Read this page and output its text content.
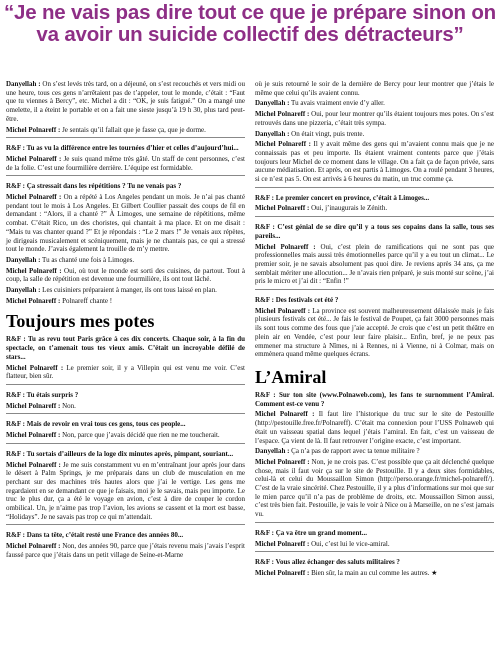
“Je ne vais pas dire tout ce que je prépare sinon on va avoir un suicide collectif des détracteurs”

Danyellah : On s’est levés très tard, on a déjeuné, on s’est recouchés et vers midi ou une heure, tous ces gens n’arrêtaient pas de t’appeler, tout le monde, c’était : “Faut que tu viennes à Bercy”, etc. Michel a dit : “OK, je suis fatigué.” On a mangé une omelette, il a éteint le portable et on a fait une sieste jusqu’à 19 h 30, plus tard peut-être.

Michel Polnareff : Je sentais qu’il fallait que je fasse ça, que je dorme.

R&F : Tu as vu la différence entre les tournées d’hier et celles d’aujourd’hui...

Michel Polnareff : Je suis quand même très gâté. Un staff de cent personnes, c’est de la folie. C’est une fourmilière derrière. L’équipe est formidable.

R&F : Ça stressait dans les répétitions ? Tu ne venais pas ?

Michel Polnareff : On a répété à Los Angeles pendant un mois. Je n’ai pas chanté pendant tout le mois à Los Angeles. Et Gilbert Coullier passait des coups de fil en demandant : “Alors, il a chanté ?” À Limoges, une semaine de répétitions, même combat. C’était Rico, un des choristes, qui chantait à ma place. Et on me disait : “Mais tu vas chanter quand ?” Et je répondais : “Le 2 mars !” Je venais aux répètes, je dirigeais musicalement et scéniquement, mais je ne chantais pas, ce qui a stressé tout le monde. J’avais également la trouille de m’y mettre.

Danyellah : Tu as chanté une fois à Limoges.

Michel Polnareff : Oui, où tout le monde est sorti des cuisines, de partout. Tout à coup, la salle de répétition est devenue une fourmilière, ils ont tout lâché.

Danyellah : Les cuisiniers préparaient à manger, ils ont tous laissé en plan.

Michel Polnareff : Polnareff chante !

Toujours mes potes

R&F : Tu as revu tout Paris grâce à ces dix concerts. Chaque soir, à la fin du spectacle, on t’amenait tous tes vieux amis. C’était un incroyable défilé de stars...

Michel Polnareff : Le premier soir, il y a Villepin qui est venu me voir. C’est flatteur, bien sûr.

R&F : Tu étais surpris ?

Michel Polnareff : Non.

R&F : Mais de revoir en vrai tous ces gens, tous ces people...

Michel Polnareff : Non, parce que j’avais décidé que rien ne me toucherait.

R&F : Tu sortais d’ailleurs de la loge dix minutes après, pimpant, souriant...

Michel Polnareff : Je me suis constamment vu en m’entraînant jour après jour dans le désert à Palm Springs, je me préparais dans un club de musculation en me perchant sur des machines très hautes alors que j’ai le vertige. Les gens me regardaient en se demandant ce que je faisais, moi je le savais, mais peu importe. Le truc le plus dur, ça a été le voyage en avion, c’est à dire de couper le cordon ombilical. Un, je n’aime pas trop l’avion, les avions se cassent et la mort est basse, “Holidays”. Je ne savais pas trop ce qui m’attendait.

R&F : Dans ta tête, c’était resté une France des années 80...

Michel Polnareff : Non, des années 90, parce que j’étais revenu mais j’avais l’esprit faussé parce que j’étais dans un petit village de Seine-et-Marne

où je suis retourné le soir de la dernière de Bercy pour leur montrer que j’étais le même que celui qu’ils avaient connu.

Danyellah : Tu avais vraiment envie d’y aller.

Michel Polnareff : Oui, pour leur montrer qu’ils étaient toujours mes potes. On s’est retrouvés dans une pizzeria, c’était très sympa.

Danyellah : On était vingt, puis trente.

Michel Polnareff : Il y avait même des gens qui m’avaient connu mais que je ne connaissais pas et peu importe. Ils étaient vraiment contents parce que j’étais toujours leur Michel de ce moment dans le village. On a fait ça de façon privée, sans aucune médiatisation. Et après, on est partis à Limoges. On a roulé pendant 3 heures, si ce n’est pas 5. On est arrivés à 6 heures du matin, un truc comme ça.

R&F : Le premier concert en province, c’était à Limoges...

Michel Polnareff : Oui, j’inaugurais le Zénith.

R&F : C’est génial de se dire qu’il y a tous ses copains dans la salle, tous ses pareils...

Michel Polnareff : Oui, c’est plein de ramifications qui ne sont pas que professionnelles mais aussi très émotionnelles parce qu’il y a eu tout un climat... Le premier soir, je ne savais absolument pas quoi dire. Je reviens après 34 ans, ça me semblait mériter une allocution... Je n’avais rien préparé, je suis monté sur scène, j’ai pris le micro et j’ai dit : “Enfin !”

R&F : Des festivals cet été ?

Michel Polnareff : La province est souvent malheureusement délaissée mais je fais plusieurs festivals cet été... Je fais le festival de Poupet, ça fait 3000 personnes mais ils sont tous comme des fous que j’aie accepté. Je crois que c’est un petit théâtre en plein air en Vendée, c’est pour leur faire plaisir... Enfin, bref, je ne peux pas emmener ma structure à Nîmes, ni à Rennes, ni à Vienne, ni à Colmar, mais on emmènera quand même quelques écrans.

L’Amiral

R&F : Sur ton site (www.Polnaweb.com), les fans te surnomment l’Amiral. Comment est-ce venu ?

Michel Polnareff : Il faut lire l’historique du truc sur le site de Pestouille (http://pestouille.free.fr/Polnareff). C’était ma connexion pour l’USS Polnaweb qui était un vaisseau spatial dans lequel j’étais l’amiral. En fait, c’est un vaisseau de l’espace. Ça vient de là. Il faut retrouver l’origine exacte, c’est important.

Danyellah : Ça n’a pas de rapport avec ta tenue militaire ?

Michel Polnareff : Non, je ne crois pas. C’est possible que ça ait déclenché quelque chose, mais il faut voir ça sur le site de Pestouille. Il y a deux sites formidables, celui-là et celui du Moussaillon Simon (http://perso.orange.fr/michel-polnareff/). C’est de la vraie sincérité. Chez Pestouille, il y a plus d’informations sur moi que sur le mien parce qu’il n’a pas de problème de droits, etc. Moussaillon Simon aussi, c’est très bien fait. Pestouille, je vais le voir à Nice ou à Marseille, on ne s’est jamais vu.

R&F : Ça va être un grand moment...

Michel Polnareff : Oui, c’est lui le vice-amiral.

R&F : Vous allez échanger des saluts militaires ?

Michel Polnareff : Bien sûr, la main au cul comme les autres. ★
